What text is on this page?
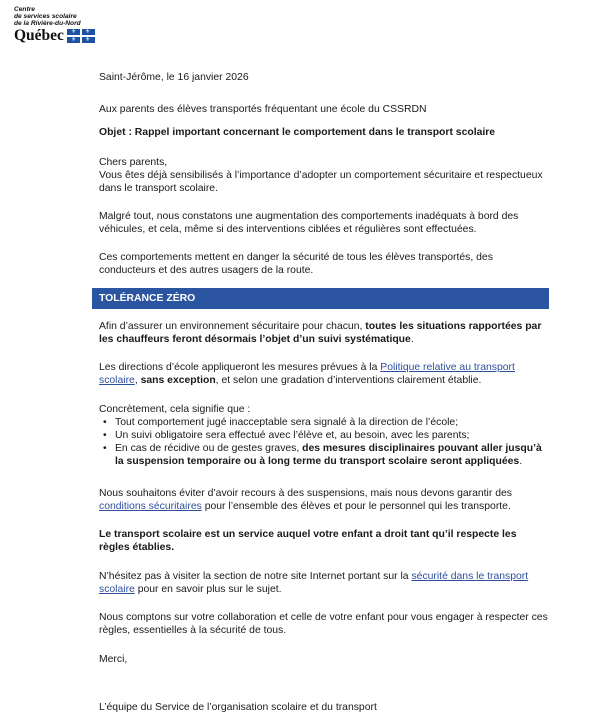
Centre
de services scolaire
de la Rivière-du-Nord
Québec ⚜ ⚜
⚜ ⚜

Saint-Jérôme, le 16 janvier 2026

Aux parents des élèves transportés fréquentant une école du CSSRDN

Objet : Rappel important concernant le comportement dans le transport scolaire

Chers parents,

Vous êtes déjà sensibilisés à l’importance d’adopter un comportement sécuritaire et respectueux dans le transport scolaire.

Malgré tout, nous constatons une augmentation des comportements inadéquats à bord des véhicules, et cela, même si des interventions ciblées et régulières sont effectuées.

Ces comportements mettent en danger la sécurité de tous les élèves transportés, des conducteurs et des autres usagers de la route.

TOLÉRANCE ZÉRO

Afin d’assurer un environnement sécuritaire pour chacun, toutes les situations rapportées par les chauffeurs feront désormais l’objet d’un suivi systématique.

Les directions d’école appliqueront les mesures prévues à la Politique relative au transport scolaire, sans exception, et selon une gradation d’interventions clairement établie.

Concrètement, cela signifie que :

• Tout comportement jugé inacceptable sera signalé à la direction de l’école;
• Un suivi obligatoire sera effectué avec l’élève et, au besoin, avec les parents;
• En cas de récidive ou de gestes graves, des mesures disciplinaires pouvant aller jusqu’à la suspension temporaire ou à long terme du transport scolaire seront appliquées.

Nous souhaitons éviter d’avoir recours à des suspensions, mais nous devons garantir des conditions sécuritaires pour l’ensemble des élèves et pour le personnel qui les transporte.

Le transport scolaire est un service auquel votre enfant a droit tant qu’il respecte les règles établies.

N’hésitez pas à visiter la section de notre site Internet portant sur la sécurité dans le transport scolaire pour en savoir plus sur le sujet.

Nous comptons sur votre collaboration et celle de votre enfant pour vous engager à respecter ces règles, essentielles à la sécurité de tous.

Merci,

L’équipe du Service de l’organisation scolaire et du transport
